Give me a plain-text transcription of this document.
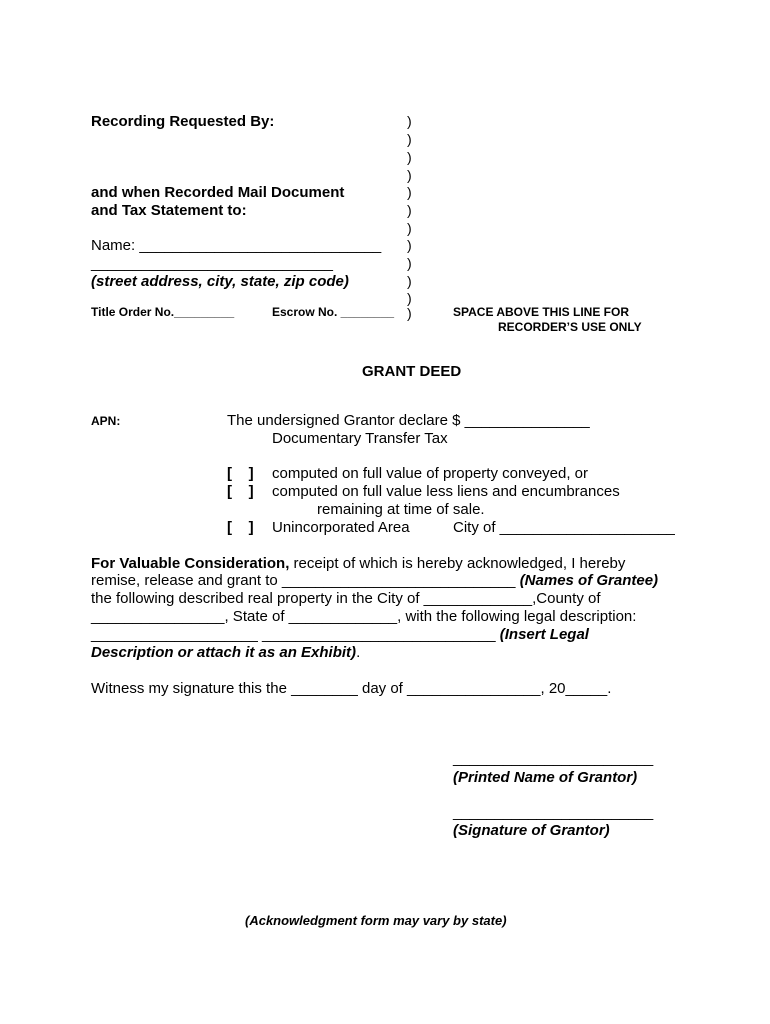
Recording Requested By:
and when Recorded Mail Document
and Tax Statement to:
Name: _____________________________
_____________________________
(street address, city, state, zip code)
Title Order No._________	Escrow No. ________
)
)
)
)
)
)
)
)
)
)
)
)	SPACE ABOVE THIS LINE FOR
RECORDER’S USE ONLY
GRANT DEED
APN:	The undersigned Grantor declare $ _______________
Documentary Transfer Tax
[    ] computed on full value of property conveyed, or
[    ] computed on full value less liens and encumbrances
remaining at time of sale.
[    ] Unincorporated Area	City of _____________________
For Valuable Consideration, receipt of which is hereby acknowledged, I hereby
remise, release and grant to ____________________________ (Names of Grantee)
the following described real property in the City of _____________,County of
________________, State of _____________, with the following legal description:
____________________ ____________________________ (Insert Legal
Description or attach it as an Exhibit).
Witness my signature this the ________ day of ________________, 20_____.
________________________
(Printed Name of Grantor)
________________________
(Signature of Grantor)
(Acknowledgment form may vary by state)
